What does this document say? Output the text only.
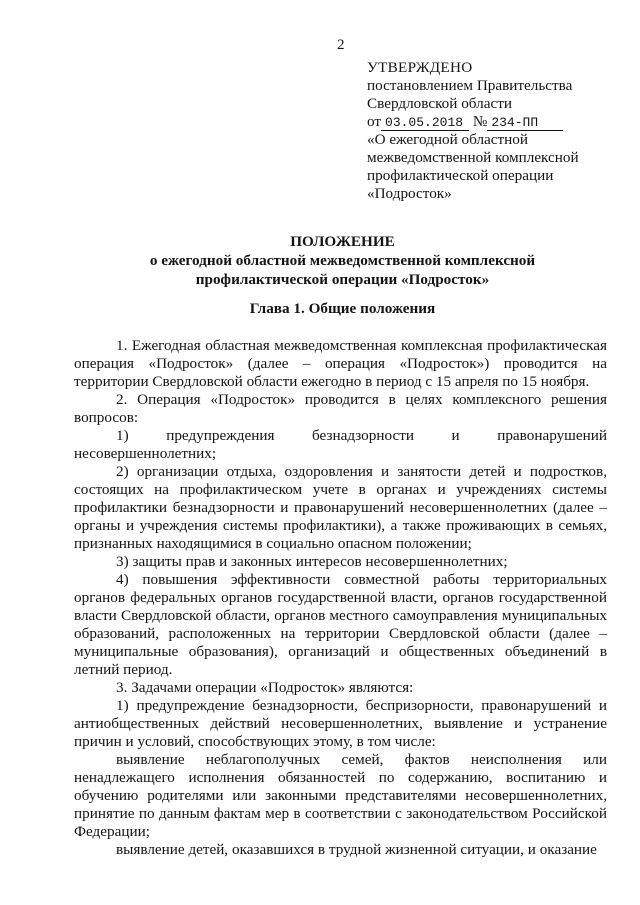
2
УТВЕРЖДЕНО
постановлением Правительства
Свердловской области
от 03.05.2018 № 234-ПП
«О ежегодной областной
межведомственной комплексной
профилактической операции
«Подросток»
ПОЛОЖЕНИЕ
о ежегодной областной межведомственной комплексной
профилактической операции «Подросток»
Глава 1. Общие положения

1. Ежегодная областная межведомственная комплексная профилактическая операция «Подросток» (далее – операция «Подросток») проводится на территории Свердловской области ежегодно в период с 15 апреля по 15 ноября.

2. Операция «Подросток» проводится в целях комплексного решения вопросов:

1) предупреждения безнадзорности и правонарушений несовершеннолетних;

2) организации отдыха, оздоровления и занятости детей и подростков, состоящих на профилактическом учете в органах и учреждениях системы профилактики безнадзорности и правонарушений несовершеннолетних (далее – органы и учреждения системы профилактики), а также проживающих в семьях, признанных находящимися в социально опасном положении;

3) защиты прав и законных интересов несовершеннолетних;

4) повышения эффективности совместной работы территориальных органов федеральных органов государственной власти, органов государственной власти Свердловской области, органов местного самоуправления муниципальных образований, расположенных на территории Свердловской области (далее – муниципальные образования), организаций и общественных объединений в летний период.

3. Задачами операции «Подросток» являются:

1) предупреждение безнадзорности, беспризорности, правонарушений и антиобщественных действий несовершеннолетних, выявление и устранение причин и условий, способствующих этому, в том числе:

выявление неблагополучных семей, фактов неисполнения или ненадлежащего исполнения обязанностей по содержанию, воспитанию и обучению родителями или законными представителями несовершеннолетних, принятие по данным фактам мер в соответствии с законодательством Российской Федерации;

выявление детей, оказавшихся в трудной жизненной ситуации, и оказание
